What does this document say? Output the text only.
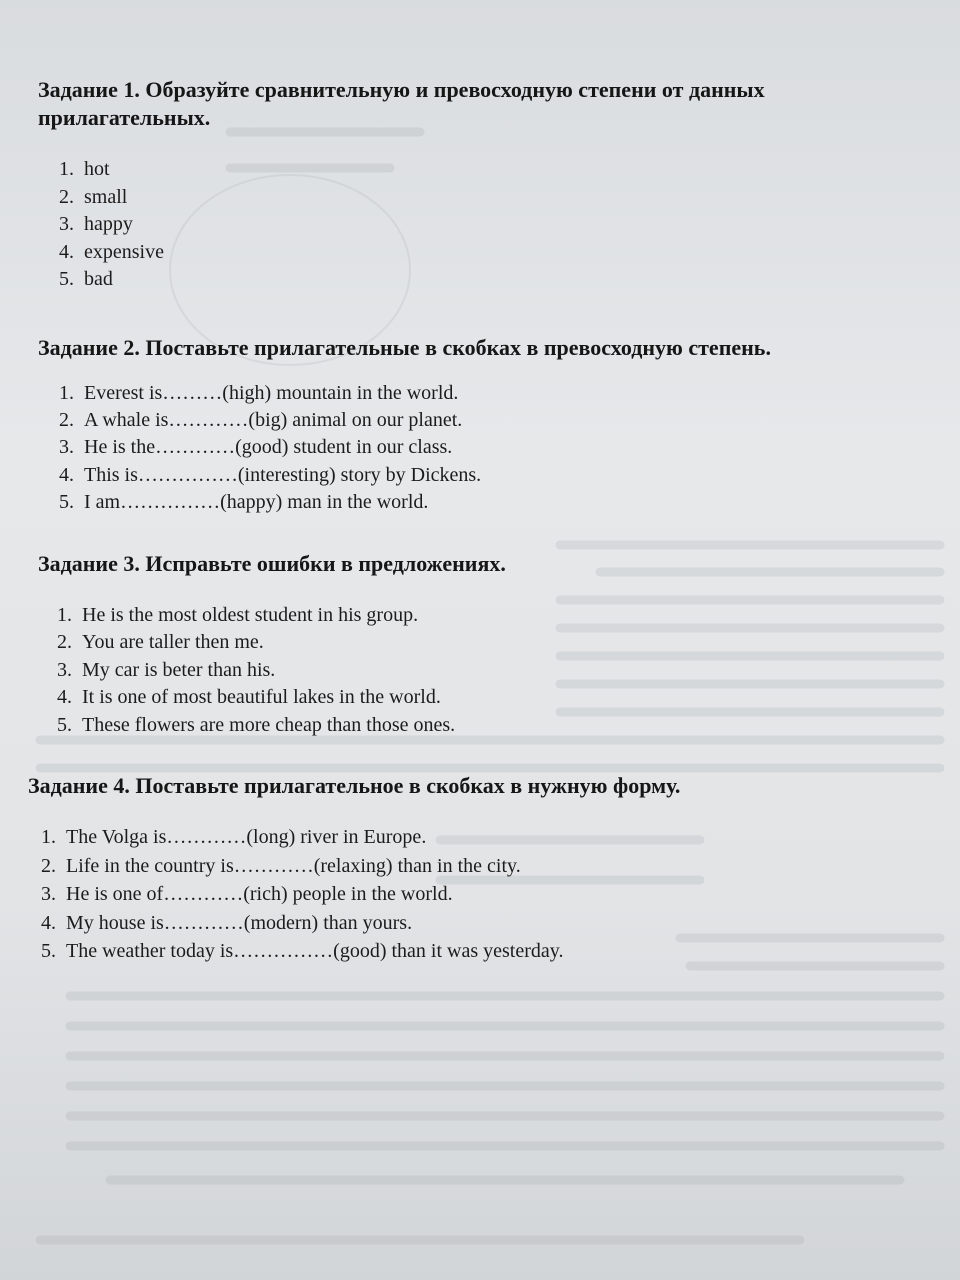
Задание 1. Образуйте сравнительную и превосходную степени от данных прилагательных.
1. hot
2. small
3. happy
4. expensive
5. bad
Задание 2. Поставьте прилагательные в скобках в превосходную степень.
1. Everest is………(high) mountain in the world.
2. A whale is…………(big) animal on our planet.
3. He is the…………(good) student in our class.
4. This is……………(interesting) story by Dickens.
5. I am……………(happy) man in the world.
Задание 3. Исправьте ошибки в предложениях.
1. He is the most oldest student in his group.
2. You are taller then me.
3. My car is beter than his.
4. It is one of most beautiful lakes in the world.
5. These flowers are more cheap than those ones.
Задание 4. Поставьте прилагательное в скобках в нужную форму.
1. The Volga is…………(long) river in Europe.
2. Life in the country is…………(relaxing) than in the city.
3. He is one of…………(rich) people in the world.
4. My house is…………(modern) than yours.
5. The weather today is……………(good) than it was yesterday.
